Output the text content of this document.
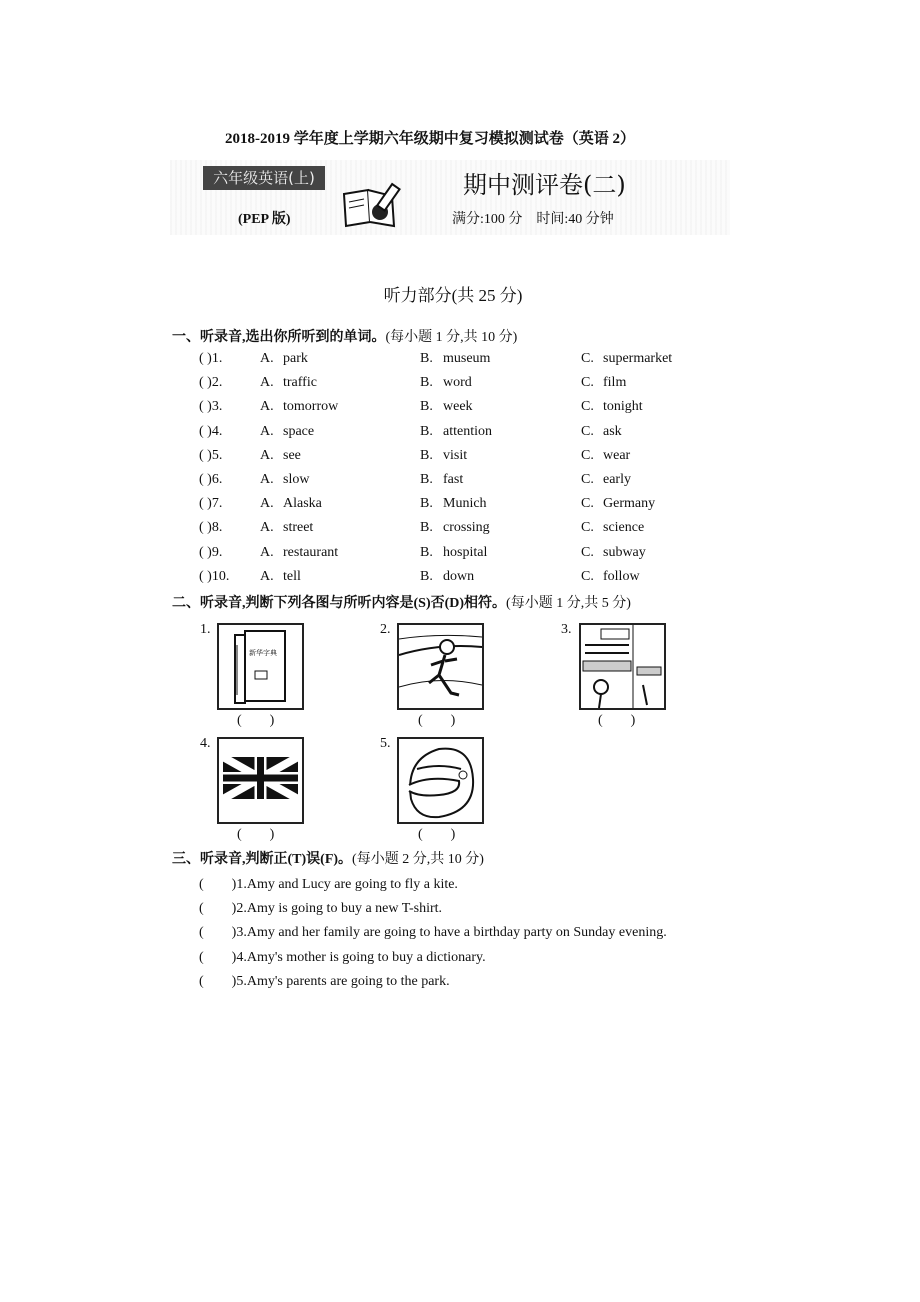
2018-2019 学年度上学期六年级期中复习模拟测试卷（英语 2）
六年级英语(上)
(PEP 版)
期中测评卷(二)
满分:100 分　时间:40 分钟
听力部分(共 25 分)
一、听录音,选出你所听到的单词。(每小题 1 分,共 10 分)
( )1.	A. park	B. museum	C. supermarket
( )2.	A. traffic	B. word	C. film
( )3.	A. tomorrow	B. week	C. tonight
( )4.	A. space	B. attention	C. ask
( )5.	A. see	B. visit	C. wear
( )6.	A. slow	B. fast	C. early
( )7.	A. Alaska	B. Munich	C. Germany
( )8.	A. street	B. crossing	C. science
( )9.	A. restaurant	B. hospital	C. subway
( )10. A. tell	B. down	C. follow
二、听录音,判断下列各图与所听内容是(S)否(D)相符。(每小题 1 分,共 5 分)
1.
新华字典
(　　)
2.
(　　)
3.
(　　)
4.
(　　)
5.
(　　)
三、听录音,判断正(T)误(F)。(每小题 2 分,共 10 分)
(　　)1.Amy and Lucy are going to fly a kite.
(　　)2.Amy is going to buy a new T-shirt.
(　　)3.Amy and her family are going to have a birthday party on Sunday evening.
(　　)4.Amy's mother is going to buy a dictionary.
(　　)5.Amy's parents are going to the park.
